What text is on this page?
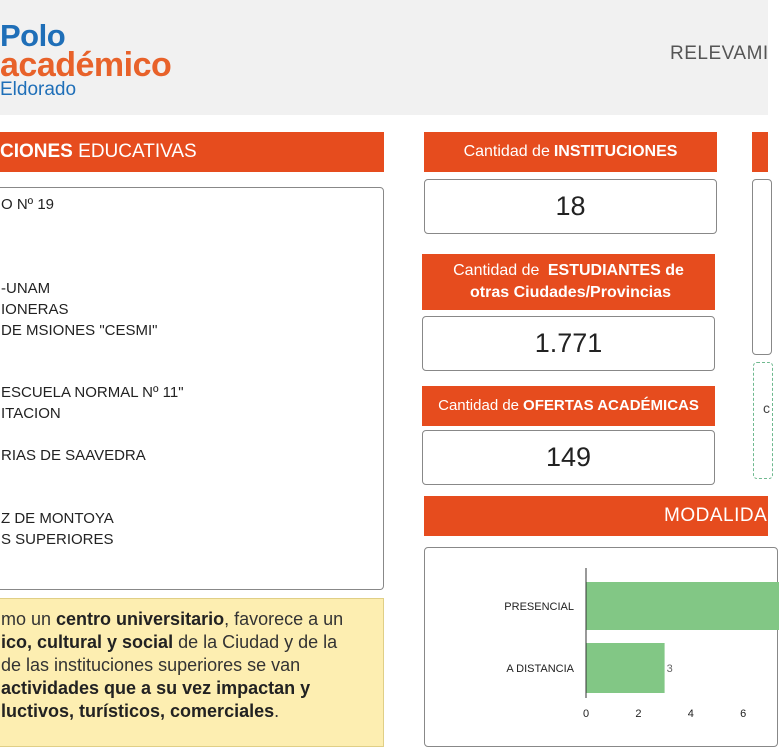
Polo
académico
Eldorado
RELEVAMI
CIONES EDUCATIVAS
O Nº 19
-UNAM
IONERAS
DE MSIONES "CESMI"
ESCUELA NORMAL Nº 11"
ITACION
RIAS DE SAAVEDRA
Z DE MONTOYA
S SUPERIORES
mo un centro universitario, favorece a un
ico, cultural y social de la Ciudad y de la
de las instituciones superiores se van
actividades que a su vez impactan y
luctivos, turísticos, comerciales.
Cantidad de INSTITUCIONES
18
Cantidad de ESTUDIANTES de
otras Ciudades/Provincias
1.771
Cantidad de OFERTAS ACADÉMICAS
149
c
MODALIDA
PRESENCIAL
A DISTANCIA	3
0	2	4	6
